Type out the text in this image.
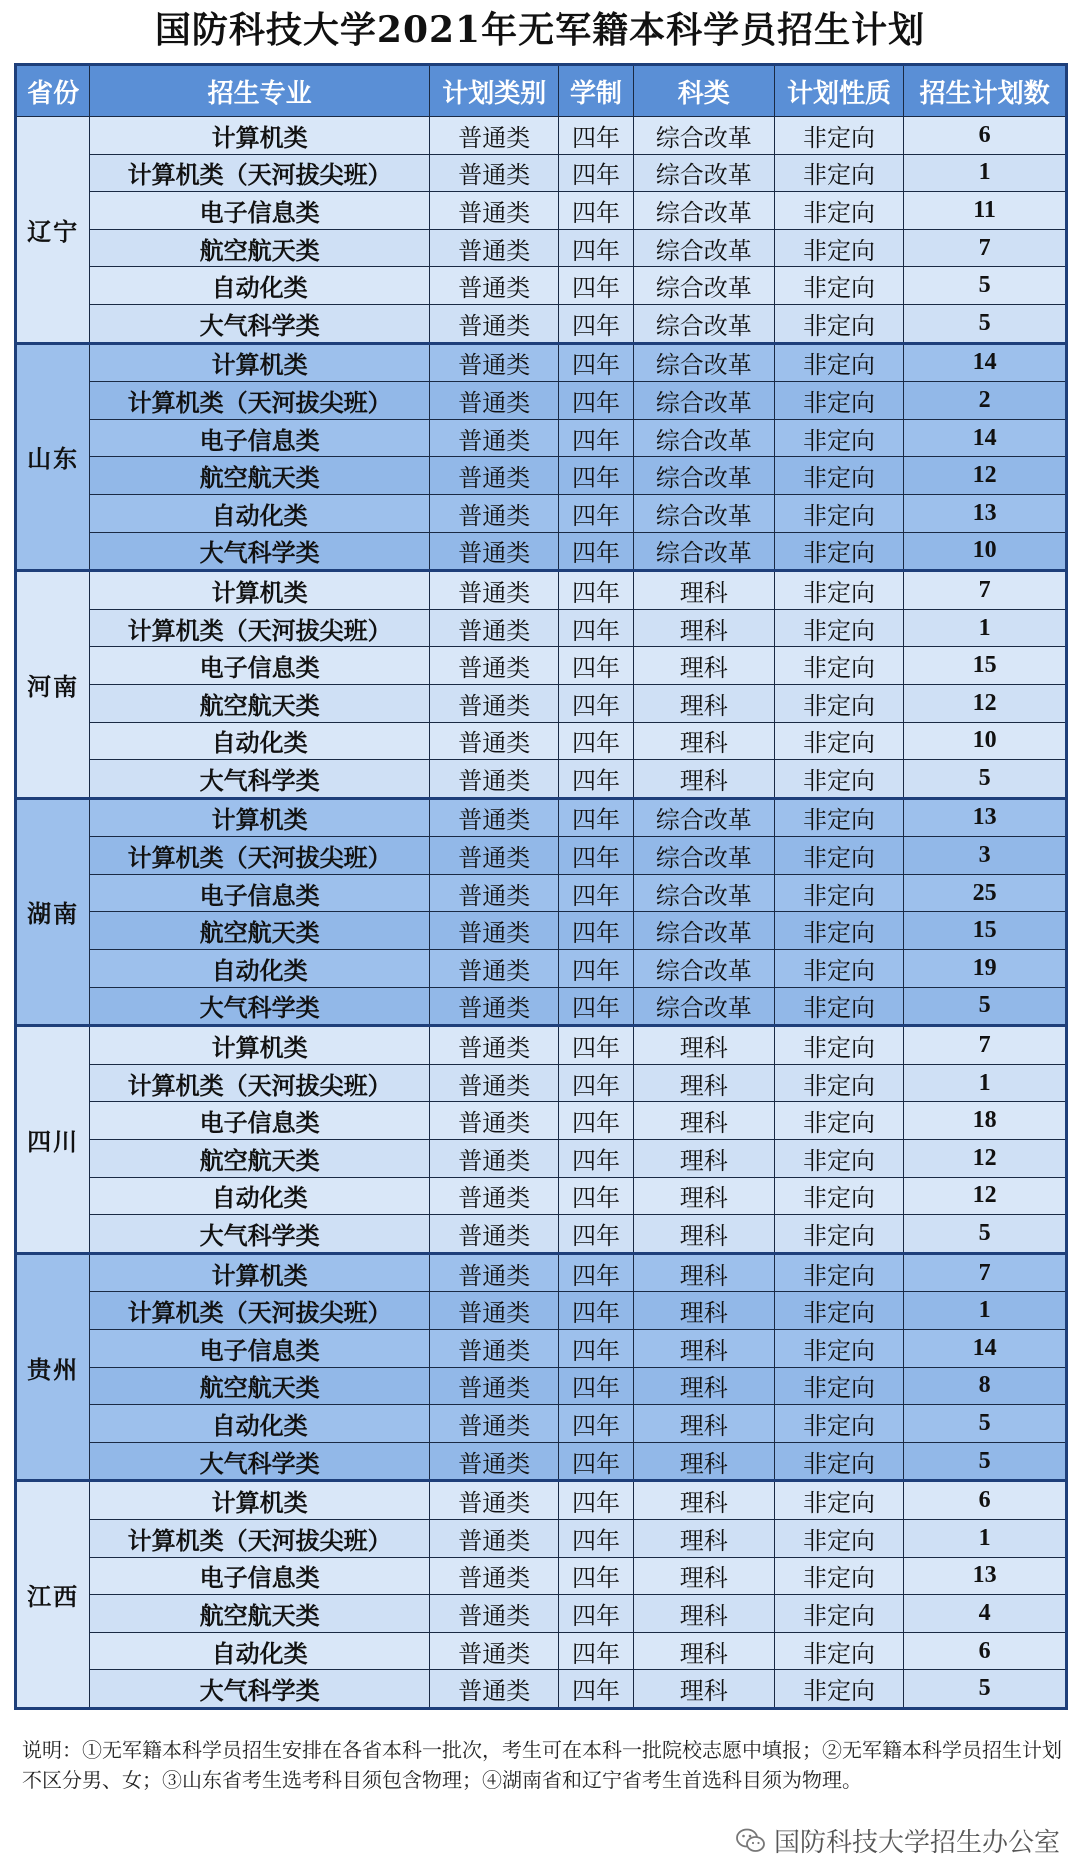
国防科技大学2021年无军籍本科学员招生计划
省份	招生专业	计划类别	学制	科类	计划性质	招生计划数
辽宁	计算机类	普通类	四年	综合改革	非定向	6
	计算机类（天河拔尖班）	普通类	四年	综合改革	非定向	1
	电子信息类	普通类	四年	综合改革	非定向	11
	航空航天类	普通类	四年	综合改革	非定向	7
	自动化类	普通类	四年	综合改革	非定向	5
	大气科学类	普通类	四年	综合改革	非定向	5
山东	计算机类	普通类	四年	综合改革	非定向	14
	计算机类（天河拔尖班）	普通类	四年	综合改革	非定向	2
	电子信息类	普通类	四年	综合改革	非定向	14
	航空航天类	普通类	四年	综合改革	非定向	12
	自动化类	普通类	四年	综合改革	非定向	13
	大气科学类	普通类	四年	综合改革	非定向	10
河南	计算机类	普通类	四年	理科	非定向	7
	计算机类（天河拔尖班）	普通类	四年	理科	非定向	1
	电子信息类	普通类	四年	理科	非定向	15
	航空航天类	普通类	四年	理科	非定向	12
	自动化类	普通类	四年	理科	非定向	10
	大气科学类	普通类	四年	理科	非定向	5
湖南	计算机类	普通类	四年	综合改革	非定向	13
	计算机类（天河拔尖班）	普通类	四年	综合改革	非定向	3
	电子信息类	普通类	四年	综合改革	非定向	25
	航空航天类	普通类	四年	综合改革	非定向	15
	自动化类	普通类	四年	综合改革	非定向	19
	大气科学类	普通类	四年	综合改革	非定向	5
四川	计算机类	普通类	四年	理科	非定向	7
	计算机类（天河拔尖班）	普通类	四年	理科	非定向	1
	电子信息类	普通类	四年	理科	非定向	18
	航空航天类	普通类	四年	理科	非定向	12
	自动化类	普通类	四年	理科	非定向	12
	大气科学类	普通类	四年	理科	非定向	5
贵州	计算机类	普通类	四年	理科	非定向	7
	计算机类（天河拔尖班）	普通类	四年	理科	非定向	1
	电子信息类	普通类	四年	理科	非定向	14
	航空航天类	普通类	四年	理科	非定向	8
	自动化类	普通类	四年	理科	非定向	5
	大气科学类	普通类	四年	理科	非定向	5
江西	计算机类	普通类	四年	理科	非定向	6
	计算机类（天河拔尖班）	普通类	四年	理科	非定向	1
	电子信息类	普通类	四年	理科	非定向	13
	航空航天类	普通类	四年	理科	非定向	4
	自动化类	普通类	四年	理科	非定向	6
	大气科学类	普通类	四年	理科	非定向	5
说明：①无军籍本科学员招生安排在各省本科一批次，考生可在本科一批院校志愿中填报；②无军籍本科学员招生计划不区分男、女；③山东省考生选考科目须包含物理；④湖南省和辽宁省考生首选科目须为物理。
国防科技大学招生办公室
